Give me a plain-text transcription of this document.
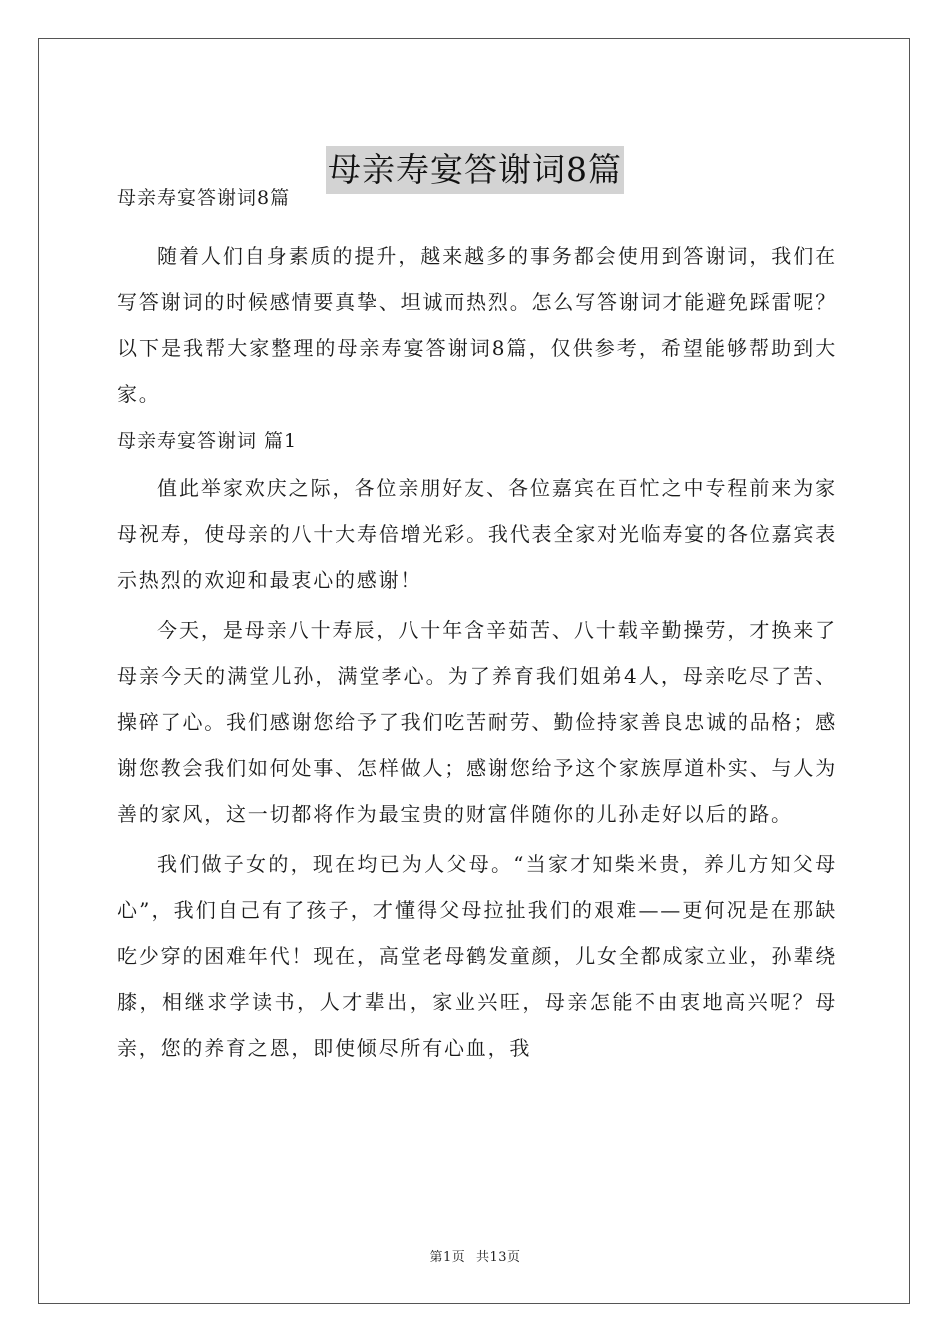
母亲寿宴答谢词8篇

母亲寿宴答谢词8篇

随着人们自身素质的提升，越来越多的事务都会使用到答谢词，我们在写答谢词的时候感情要真挚、坦诚而热烈。怎么写答谢词才能避免踩雷呢？以下是我帮大家整理的母亲寿宴答谢词8篇，仅供参考，希望能够帮助到大家。

母亲寿宴答谢词 篇1

值此举家欢庆之际，各位亲朋好友、各位嘉宾在百忙之中专程前来为家母祝寿，使母亲的八十大寿倍增光彩。我代表全家对光临寿宴的各位嘉宾表示热烈的欢迎和最衷心的感谢！

今天，是母亲八十寿辰，八十年含辛茹苦、八十载辛勤操劳，才换来了母亲今天的满堂儿孙，满堂孝心。为了养育我们姐弟4人，母亲吃尽了苦、操碎了心。我们感谢您给予了我们吃苦耐劳、勤俭持家善良忠诚的品格；感谢您教会我们如何处事、怎样做人；感谢您给予这个家族厚道朴实、与人为善的家风，这一切都将作为最宝贵的财富伴随你的儿孙走好以后的路。

我们做子女的，现在均已为人父母。“当家才知柴米贵，养儿方知父母心”，我们自己有了孩子，才懂得父母拉扯我们的艰难——更何况是在那缺吃少穿的困难年代！现在，高堂老母鹤发童颜，儿女全都成家立业，孙辈绕膝，相继求学读书，人才辈出，家业兴旺，母亲怎能不由衷地高兴呢？母亲，您的养育之恩，即使倾尽所有心血，我

第1页 共13页
